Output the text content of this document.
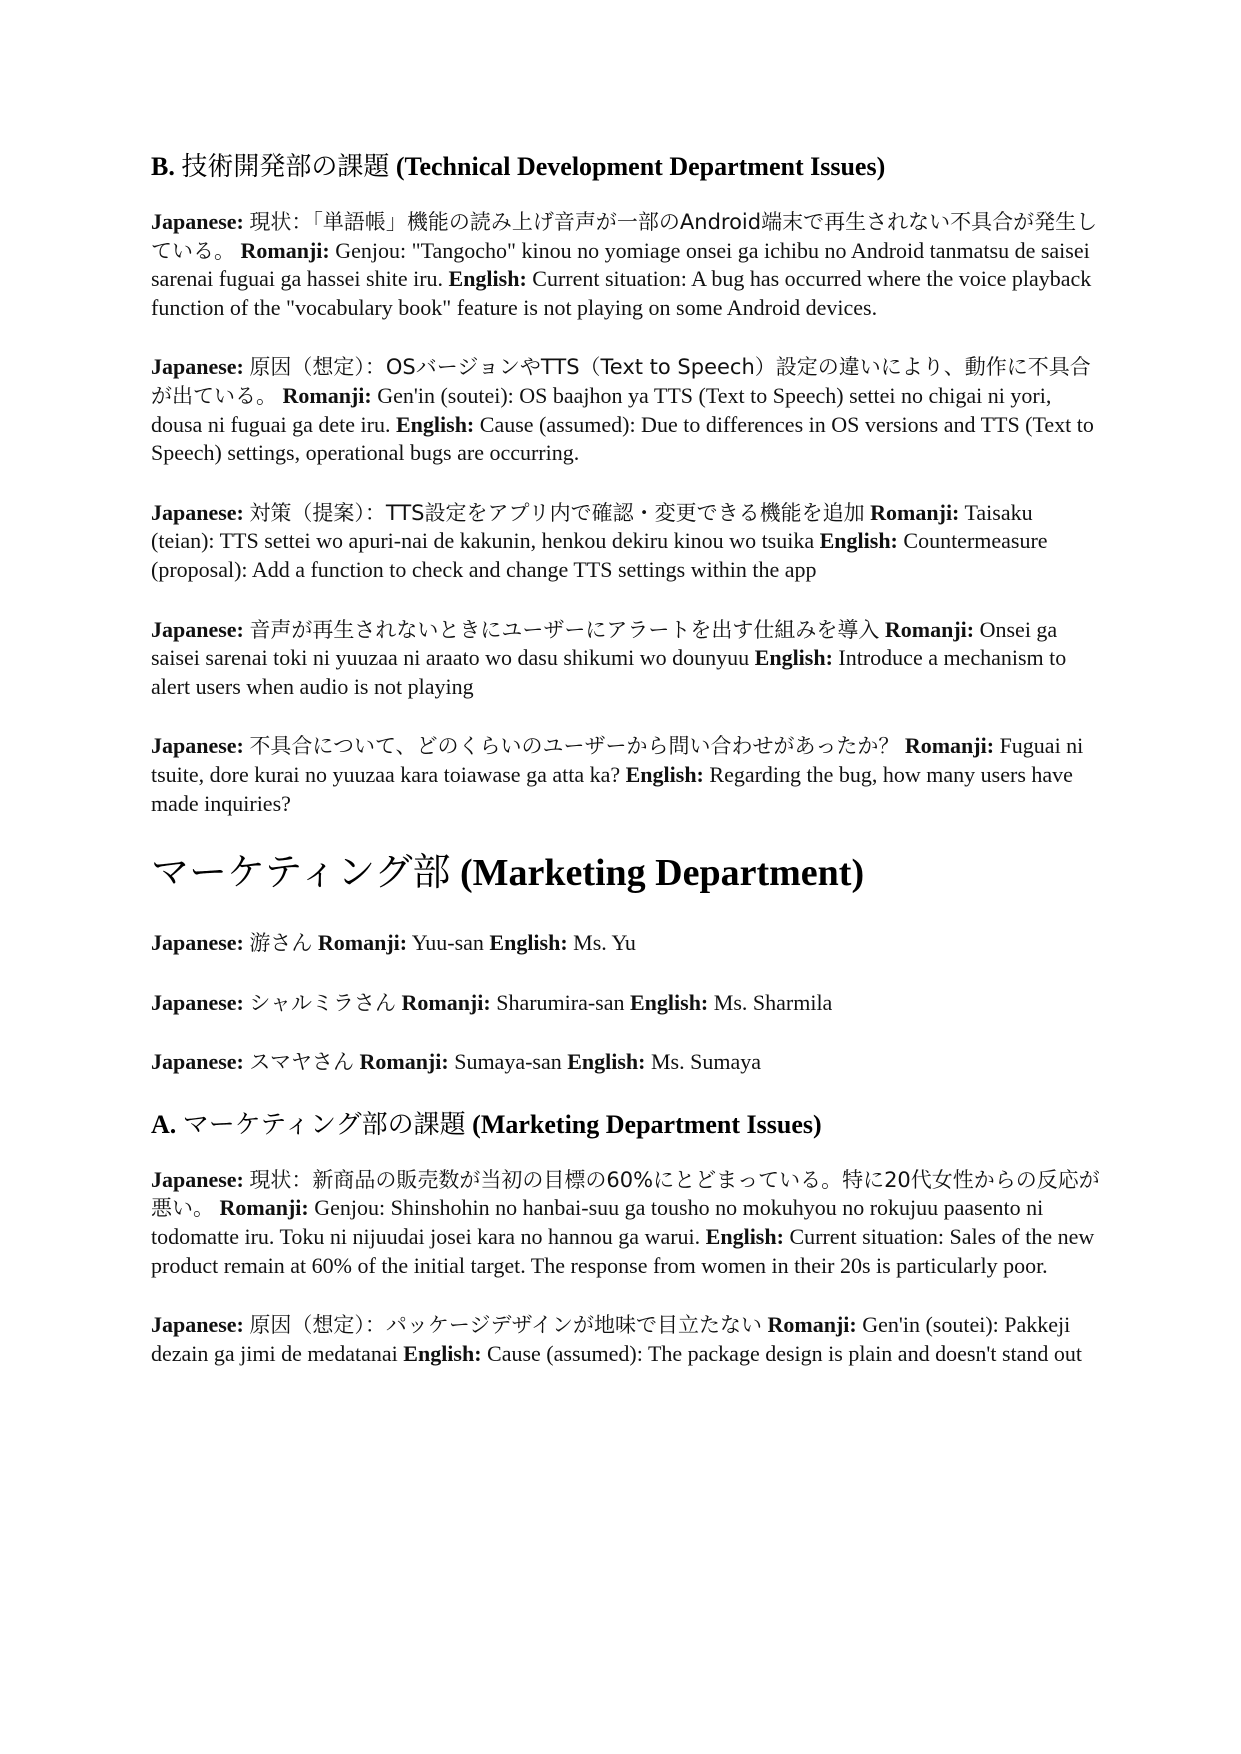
B. 技術開発部の課題 (Technical Development Department Issues)
Japanese: 現状：「単語帳」機能の読み上げ音声が一部のAndroid端末で再生されない不具合が発生している。 Romanji: Genjou: "Tangocho" kinou no yomiage onsei ga ichibu no Android tanmatsu de saisei sarenai fuguai ga hassei shite iru. English: Current situation: A bug has occurred where the voice playback function of the "vocabulary book" feature is not playing on some Android devices.
Japanese: 原因（想定）：OSバージョンやTTS（Text to Speech）設定の違いにより、動作に不具合が出ている。 Romanji: Gen'in (soutei): OS baajhon ya TTS (Text to Speech) settei no chigai ni yori, dousa ni fuguai ga dete iru. English: Cause (assumed): Due to differences in OS versions and TTS (Text to Speech) settings, operational bugs are occurring.
Japanese: 対策（提案）：TTS設定をアプリ内で確認・変更できる機能を追加 Romanji: Taisaku (teian): TTS settei wo apuri-nai de kakunin, henkou dekiru kinou wo tsuika English: Countermeasure (proposal): Add a function to check and change TTS settings within the app
Japanese: 音声が再生されないときにユーザーにアラートを出す仕組みを導入 Romanji: Onsei ga saisei sarenai toki ni yuuzaa ni araato wo dasu shikumi wo dounyuu English: Introduce a mechanism to alert users when audio is not playing
Japanese: 不具合について、どのくらいのユーザーから問い合わせがあったか？ Romanji: Fuguai ni tsuite, dore kurai no yuuzaa kara toiawase ga atta ka? English: Regarding the bug, how many users have made inquiries?
マーケティング部 (Marketing Department)
Japanese: 游さん Romanji: Yuu-san English: Ms. Yu
Japanese: シャルミラさん Romanji: Sharumira-san English: Ms. Sharmila
Japanese: スマヤさん Romanji: Sumaya-san English: Ms. Sumaya
A. マーケティング部の課題 (Marketing Department Issues)
Japanese: 現状：新商品の販売数が当初の目標の60%にとどまっている。特に20代女性からの反応が悪い。 Romanji: Genjou: Shinshohin no hanbai-suu ga tousho no mokuhyou no rokujuu paasento ni todomatte iru. Toku ni nijuudai josei kara no hannou ga warui. English: Current situation: Sales of the new product remain at 60% of the initial target. The response from women in their 20s is particularly poor.
Japanese: 原因（想定）：パッケージデザインが地味で目立たない Romanji: Gen'in (soutei): Pakkeji dezain ga jimi de medatanai English: Cause (assumed): The package design is plain and doesn't stand out
